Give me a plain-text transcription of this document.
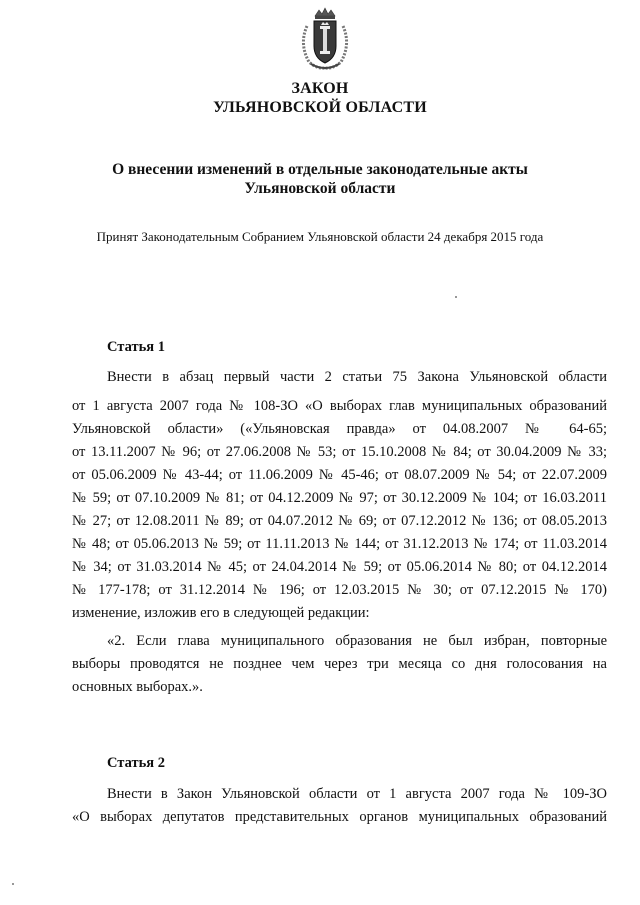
ЗАКОН
УЛЬЯНОВСКОЙ ОБЛАСТИ
О внесении изменений в отдельные законодательные акты
Ульяновской области
Принят Законодательным Собранием Ульяновской области 24 декабря 2015 года
Статья 1
Внести в абзац первый части 2 статьи 75 Закона Ульяновской области
от 1 августа 2007 года № 108-ЗО «О выборах глав муниципальных образований
Ульяновской области» («Ульяновская правда» от 04.08.2007 № 64-65;
от 13.11.2007 № 96; от 27.06.2008 № 53; от 15.10.2008 № 84; от 30.04.2009 № 33;
от 05.06.2009 № 43-44; от 11.06.2009 № 45-46; от 08.07.2009 № 54; от 22.07.2009
№ 59; от 07.10.2009 № 81; от 04.12.2009 № 97; от 30.12.2009 № 104; от 16.03.2011
№ 27; от 12.08.2011 № 89; от 04.07.2012 № 69; от 07.12.2012 № 136; от 08.05.2013
№ 48; от 05.06.2013 № 59; от 11.11.2013 № 144; от 31.12.2013 № 174; от 11.03.2014
№ 34; от 31.03.2014 № 45; от 24.04.2014 № 59; от 05.06.2014 № 80; от 04.12.2014
№ 177-178; от 31.12.2014 № 196; от 12.03.2015 № 30; от 07.12.2015 № 170)
изменение, изложив его в следующей редакции:
«2. Если глава муниципального образования не был избран, повторные
выборы проводятся не позднее чем через три месяца со дня голосования на
основных выборах.».
Статья 2
Внести в Закон Ульяновской области от 1 августа 2007 года № 109-ЗО
«О выборах депутатов представительных органов муниципальных образований
